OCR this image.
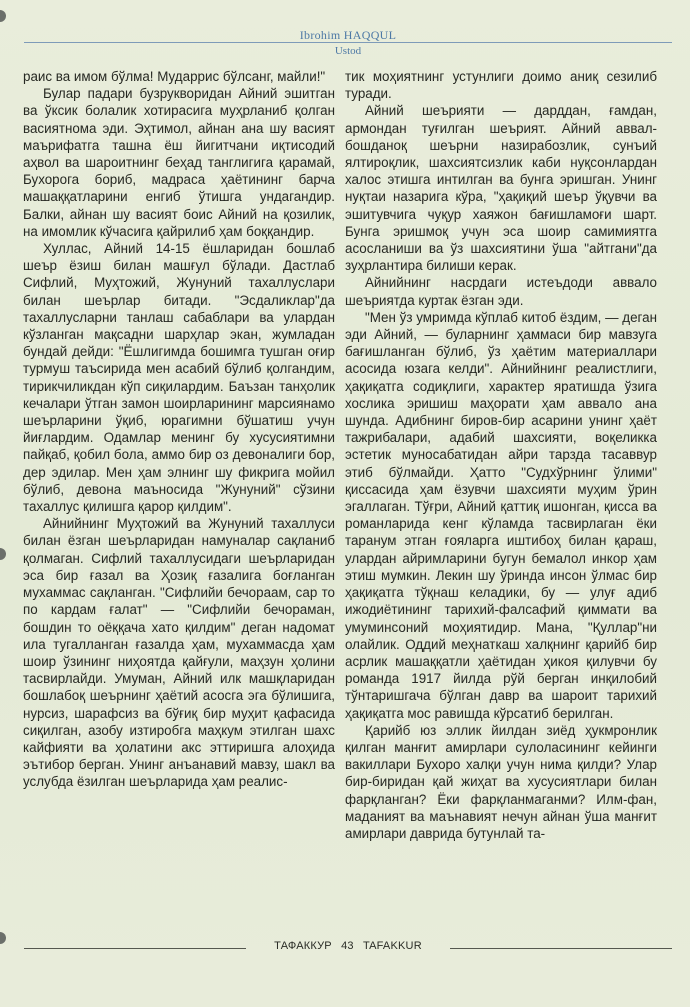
Ibrohim HAQQUL
Ustod

раис ва имом бўлма! Мударрис бўлсанг, майли!"

Булар падари бузрукворидан Айний эшитган ва ўксик болалик хотирасига муҳрланиб қолган васиятнома эди. Эҳтимол, айнан ана шу васият маърифатга ташна ёш йигитчани иқтисодий аҳвол ва шароитнинг беҳад танглигига қарамай, Бухорога бориб, мадраса ҳаётининг барча машаққатларини енгиб ўтишга ундагандир. Балки, айнан шу васият боис Айний на қозилик, на имомлик кўчасига қайрилиб ҳам боққандир.

Хуллас, Айний 14-15 ёшларидан бошлаб шеър ёзиш билан машғул бўлади. Дастлаб Сифлий, Муҳтожий, Жунуний тахаллуслари билан шеърлар битади. "Эсдаликлар"да тахаллусларни танлаш сабаблари ва улардан кўзланган мақсадни шарҳлар экан, жумладан бундай дейди: "Ёшлигимда бошимга тушган оғир турмуш таъсирида мен асабий бўлиб қолгандим, тирикчиликдан кўп сиқилардим. Баъзан танҳолик кечалари ўтган замон шоирларининг марсиянамо шеърларини ўқиб, юрагимни бўшатиш учун йиғлардим. Одамлар менинг бу хусусиятимни пайқаб, қобил бола, аммо бир оз девоналиги бор, дер эдилар. Мен ҳам элнинг шу фикрига мойил бўлиб, девона маъносида "Жунуний" сўзини тахаллус қилишга қарор қилдим".

Айнийнинг Муҳтожий ва Жунуний тахаллуси билан ёзган шеърларидан намуналар сақланиб қолмаган. Сифлий тахаллусидаги шеърларидан эса бир ғазал ва Ҳозиқ ғазалига боғланган мухаммас сақланган. "Сифлийи бечораам, сар то по кардам ғалат" — "Сифлийи бечораман, бошдин то оёққача хато қилдим" деган надомат ила тугалланган ғазалда ҳам, мухаммасда ҳам шоир ўзининг ниҳоятда қайғули, маҳзун ҳолини тасвирлайди. Умуман, Айний илк машқларидан бошлабоқ шеърнинг ҳаётий асосга эга бўлишига, нурсиз, шарафсиз ва бўғиқ бир муҳит қафасида сиқилган, азобу изтиробга маҳкум этилган шахс кайфияти ва ҳолатини акс эттиришга алоҳида эътибор берган. Унинг анъанавий мавзу, шакл ва услубда ёзилган шеърларида ҳам реалис-

тик моҳиятнинг устунлиги доимо аниқ сезилиб туради.

Айний шеърияти — дарддан, ғамдан, армондан туғилган шеърият. Айний аввал-бошданоқ шеърни назирабозлик, сунъий ялтироқлик, шахсиятсизлик каби нуқсонлардан халос этишга интилган ва бунга эришган. Унинг нуқтаи назарига кўра, "ҳақиқий шеър ўқувчи ва эшитувчига чуқур хаяжон бағишламоғи шарт. Бунга эришмоқ учун эса шоир самимиятга асосланиши ва ўз шахсиятини ўша "айтгани"да зуҳрлантира билиши керак.

Айнийнинг насрдаги истеъдоди аввало шеъриятда куртак ёзган эди.

"Мен ўз умримда кўплаб китоб ёздим, — деган эди Айний, — буларнинг ҳаммаси бир мавзуга бағишланган бўлиб, ўз ҳаётим материаллари асосида юзага келди". Айнийнинг реалистлиги, ҳақиқатга содиқлиги, характер яратишда ўзига хослика эришиш маҳорати ҳам аввало ана шунда. Адибнинг биров-бир асарини унинг ҳаёт тажрибалари, адабий шахсияти, воқеликка эстетик муносабатидан айри тарзда тасаввур этиб бўлмайди. Ҳатто "Судхўрнинг ўлими" қиссасида ҳам ёзувчи шахсияти муҳим ўрин эгаллаган. Тўғри, Айний қаттиқ ишонган, қисса ва романларида кенг кўламда тасвирлаган ёки таранум этган ғояларга иштибоҳ билан қараш, улардан айримларини бугун бемалол инкор ҳам этиш мумкин. Лекин шу ўринда инсон ўлмас бир ҳақиқатга тўқнаш келадики, бу — улуғ адиб ижодиётининг тарихий-фалсафий қиммати ва умуминсоний моҳиятидир. Мана, "Қуллар"ни олайлик. Оддий меҳнаткаш халқнинг қарийб бир асрлик машаққатли ҳаётидан ҳикоя қилувчи бу романда 1917 йилда рўй берган инқилобий тўнтаришгача бўлган давр ва шароит тарихий ҳақиқатга мос равишда кўрсатиб берилган.

Қарийб юз эллик йилдан зиёд ҳукмронлик қилган манғит амирлари сулоласининг кейинги вакиллари Бухоро халқи учун нима қилди? Улар бир-биридан қай жиҳат ва хусусиятлари билан фарқланган? Ёки фарқланмаганми? Илм-фан, маданият ва маънавият нечун айнан ўша манғит амирлари даврида бутунлай та-

ТАФАККУР 43 TAFAKKUR
